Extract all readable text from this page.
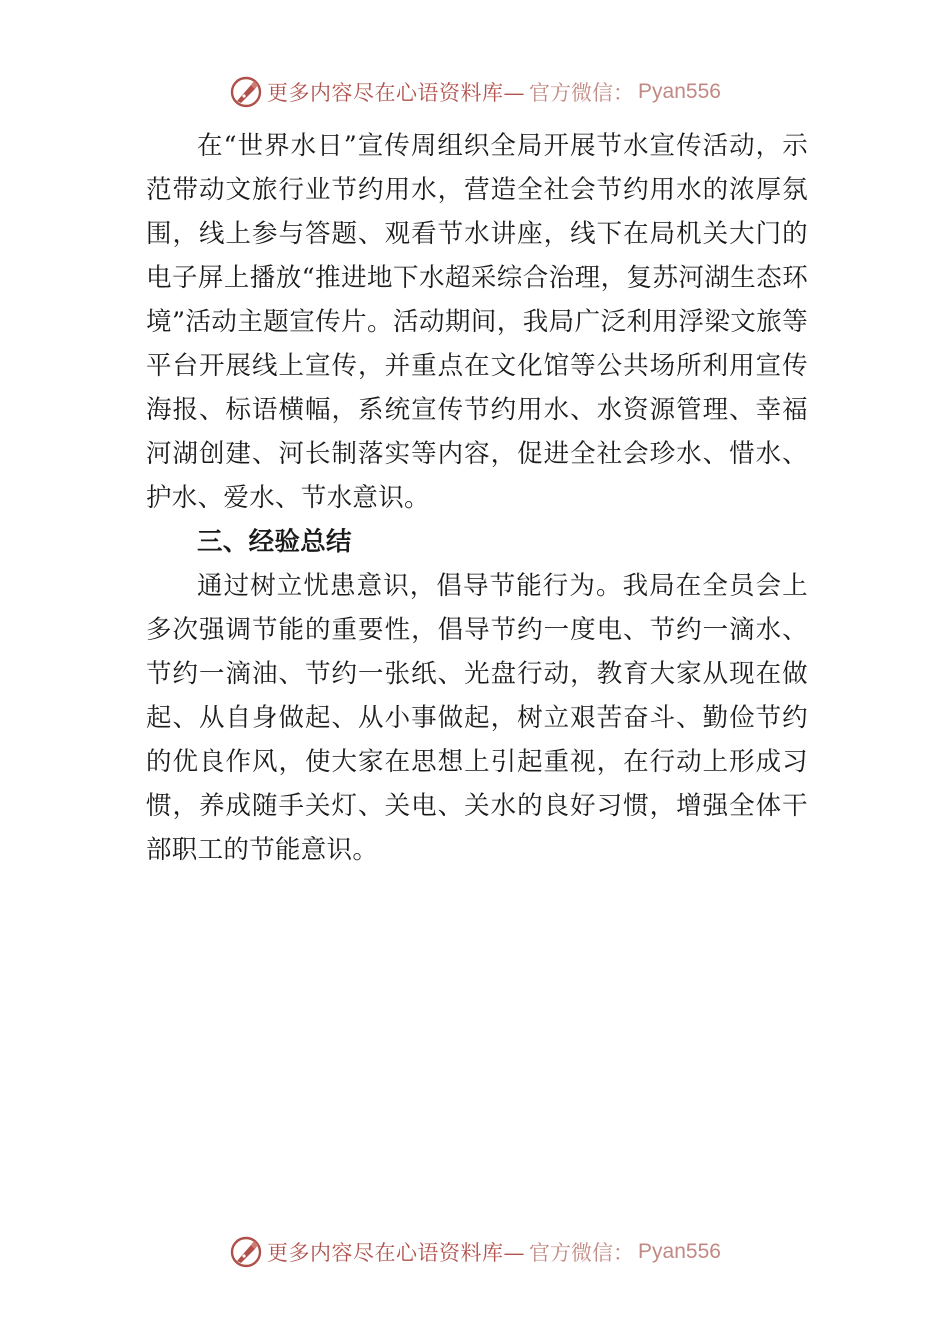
更多内容尽在心语资料库— 官方微信： Pyan556

在“世界水日”宣传周组织全局开展节水宣传活动，示范带动文旅行业节约用水，营造全社会节约用水的浓厚氛围，线上参与答题、观看节水讲座，线下在局机关大门的电子屏上播放“推进地下水超采综合治理，复苏河湖生态环境”活动主题宣传片。活动期间，我局广泛利用浮梁文旅等平台开展线上宣传，并重点在文化馆等公共场所利用宣传海报、标语横幅，系统宣传节约用水、水资源管理、幸福河湖创建、河长制落实等内容，促进全社会珍水、惜水、护水、爱水、节水意识。

三、经验总结

通过树立忧患意识，倡导节能行为。我局在全员会上多次强调节能的重要性，倡导节约一度电、节约一滴水、节约一滴油、节约一张纸、光盘行动，教育大家从现在做起、从自身做起、从小事做起，树立艰苦奋斗、勤俭节约的优良作风，使大家在思想上引起重视，在行动上形成习惯，养成随手关灯、关电、关水的良好习惯，增强全体干部职工的节能意识。

更多内容尽在心语资料库— 官方微信： Pyan556
